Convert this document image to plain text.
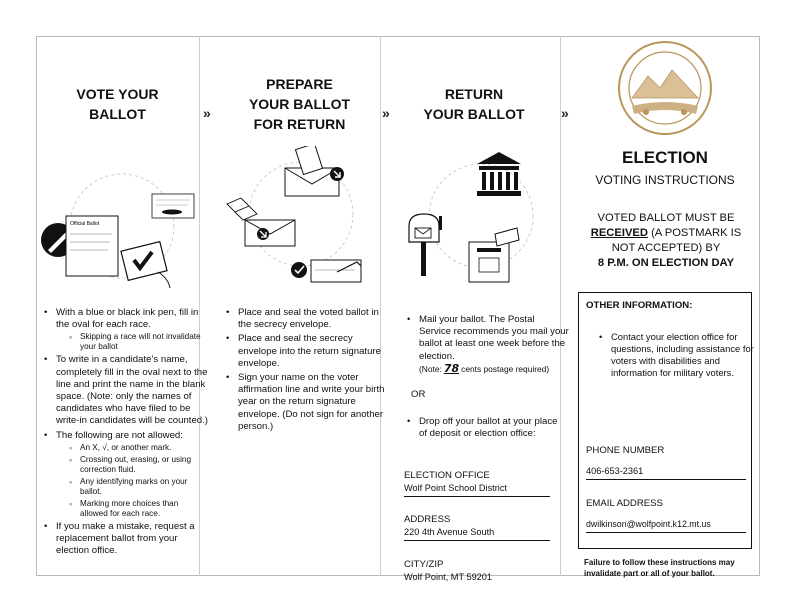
»	»	»
VOTE YOUR
BALLOT
Official Ballot
• With a blue or black ink pen, fill in the oval for each race.
◦ Skipping a race will not invalidate your ballot
• To write in a candidate’s name, completely fill in the oval next to the line and print the name in the blank space. (Note: only the names of candidates who have filed to be write-in candidates will be counted.)
• The following are not allowed:
◦ An X, √, or another mark.
◦ Crossing out, erasing, or using correction fluid.
◦ Any identifying marks on your ballot.
◦ Marking more choices than allowed for each race.
• If you make a mistake, request a replacement ballot from your election office.
PREPARE
YOUR BALLOT
FOR RETURN
• Place and seal the voted ballot in the secrecy envelope.
• Place and seal the secrecy envelope into the return signature envelope.
• Sign your name on the voter affirmation line and write your birth year on the return signature envelope. (Do not sign for another person.)
RETURN
YOUR BALLOT
• Mail your ballot. The Postal Service recommends you mail your ballot at least one week before the election.
(Note: 78 cents postage required)
OR
• Drop off your ballot at your place of deposit or election office:
ELECTION OFFICE
Wolf Point School District
ADDRESS
220 4th Avenue South
CITY/ZIP
Wolf Point, MT 59201
ELECTION
VOTING INSTRUCTIONS
VOTED BALLOT MUST BE
RECEIVED (A POSTMARK IS NOT ACCEPTED) BY
8 P.M. ON ELECTION DAY
OTHER INFORMATION:
• Contact your election office for questions, including assistance for voters with disabilities and information for military voters.
PHONE NUMBER
406-653-2361
EMAIL ADDRESS
dwilkinson@wolfpoint.k12.mt.us
Failure to follow these instructions may invalidate part or all of your ballot.
